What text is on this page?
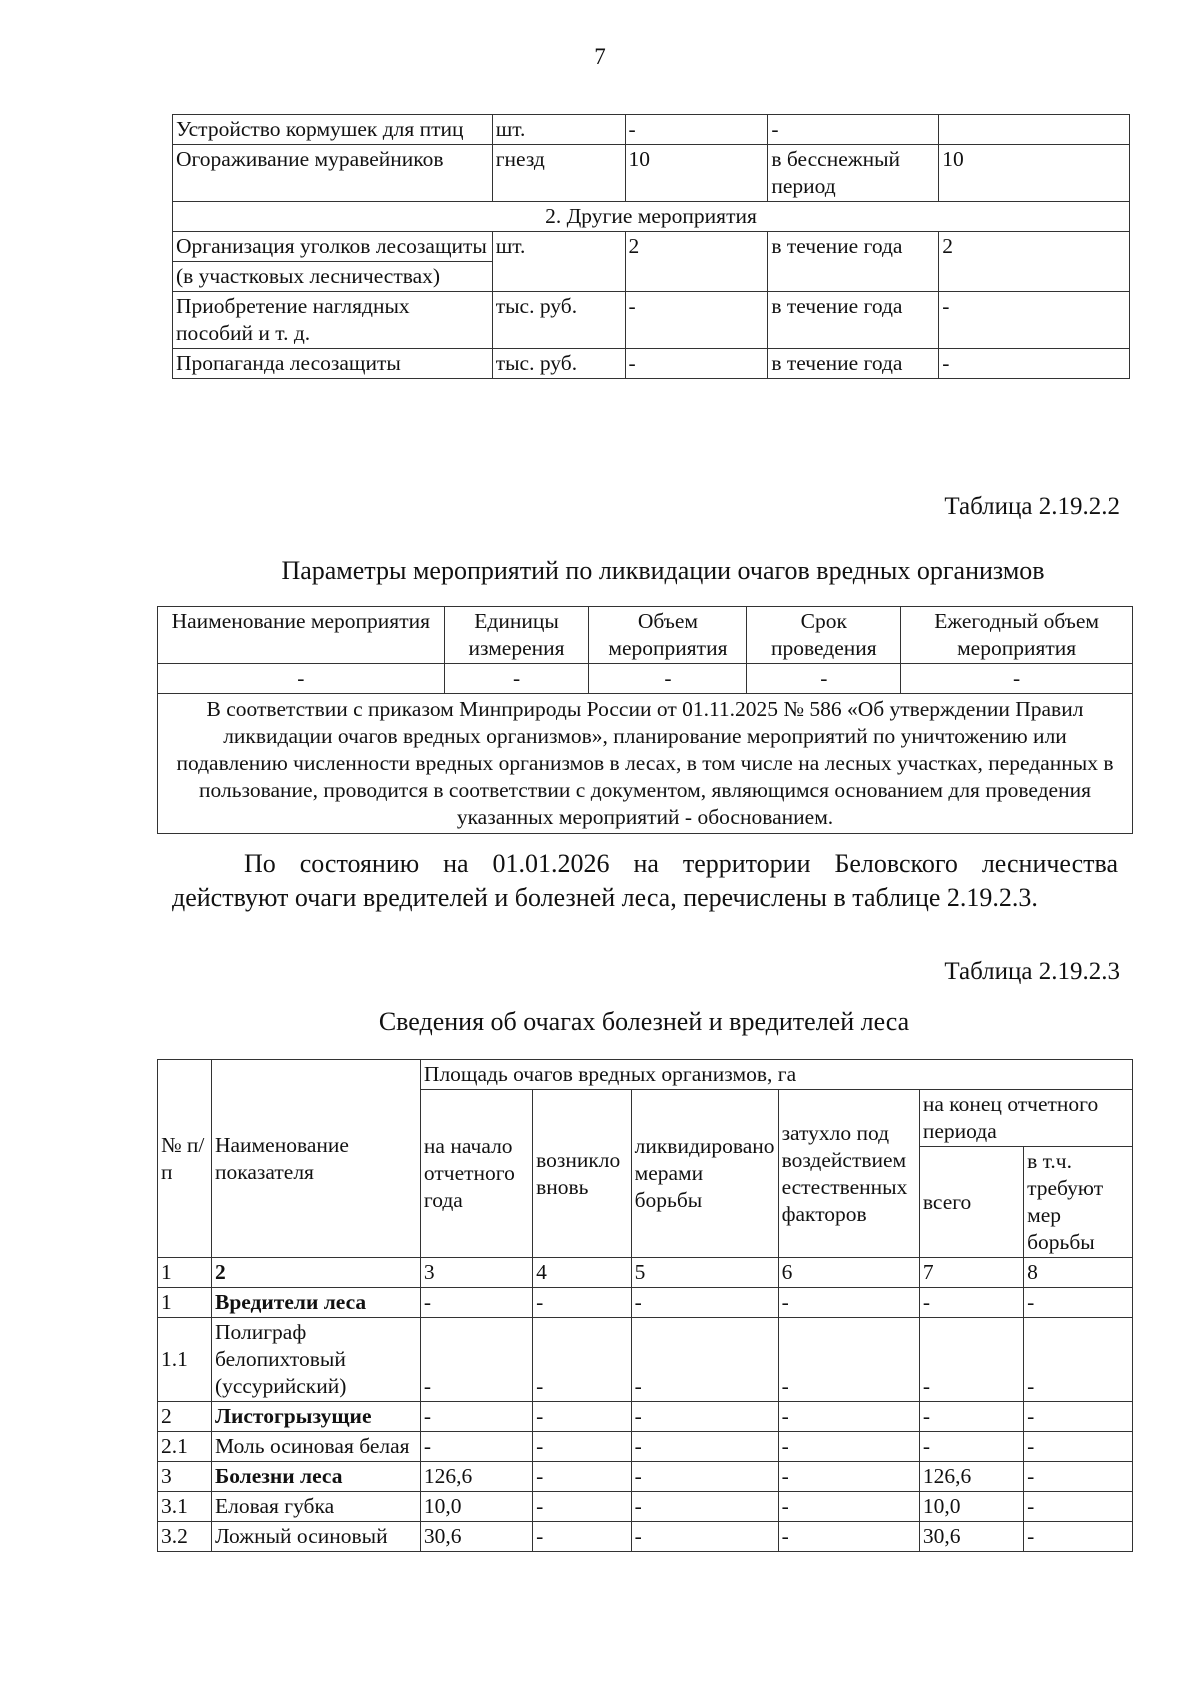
7
Устройство кормушек для птиц	шт.	-	-	
Огораживание муравейников	гнезд	10	в бесснежный период	10
2. Другие мероприятия				
Организация уголков лесозащиты	шт.	2	в течение года	2
(в участковых лесничествах)				
Приобретение наглядных пособий и т. д.	тыс. руб.	-	в течение года	-
Пропаганда лесозащиты	тыс. руб.	-	в течение года	-
Таблица 2.19.2.2
Параметры мероприятий по ликвидации очагов вредных организмов
Наименование мероприятия	Единицы измерения	Объем мероприятия	Срок проведения	Ежегодный объем мероприятия
-	-	-	-	-
В соответствии с приказом Минприроды России от 01.11.2025 № 586 «Об утверждении Правил ликвидации очагов вредных организмов», планирование мероприятий по уничтожению или подавлению численности вредных организмов в лесах, в том числе на лесных участках, переданных в пользование, проводится в соответствии с документом, являющимся основанием для проведения указанных мероприятий - обоснованием.				
По состоянию на 01.01.2026 на территории Беловского лесничества действуют очаги вредителей и болезней леса, перечислены в таблице 2.19.2.3.
Таблица 2.19.2.3
Сведения об очагах болезней и вредителей леса
№ п/п	Наименование показателя	Площадь очагов вредных организмов, га					
		на начало отчетного года	возникло вновь	ликвидировано мерами борьбы	затухло под воздействием естественных факторов	на конец отчетного периода	
						всего	в т.ч. требуют мер борьбы
1	2	3	4	5	6	7	8
1	Вредители леса	-	-	-	-	-	-
1.1	Полиграф белопихтовый (уссурийский)	-	-	-	-	-	-
2	Листогрызущие	-	-	-	-	-	-
2.1	Моль осиновая белая	-	-	-	-	-	-
3	Болезни леса	126,6	-	-	-	126,6	-
3.1	Еловая губка	10,0	-	-	-	10,0	-
3.2	Ложный осиновый	30,6	-	-	-	30,6	-
